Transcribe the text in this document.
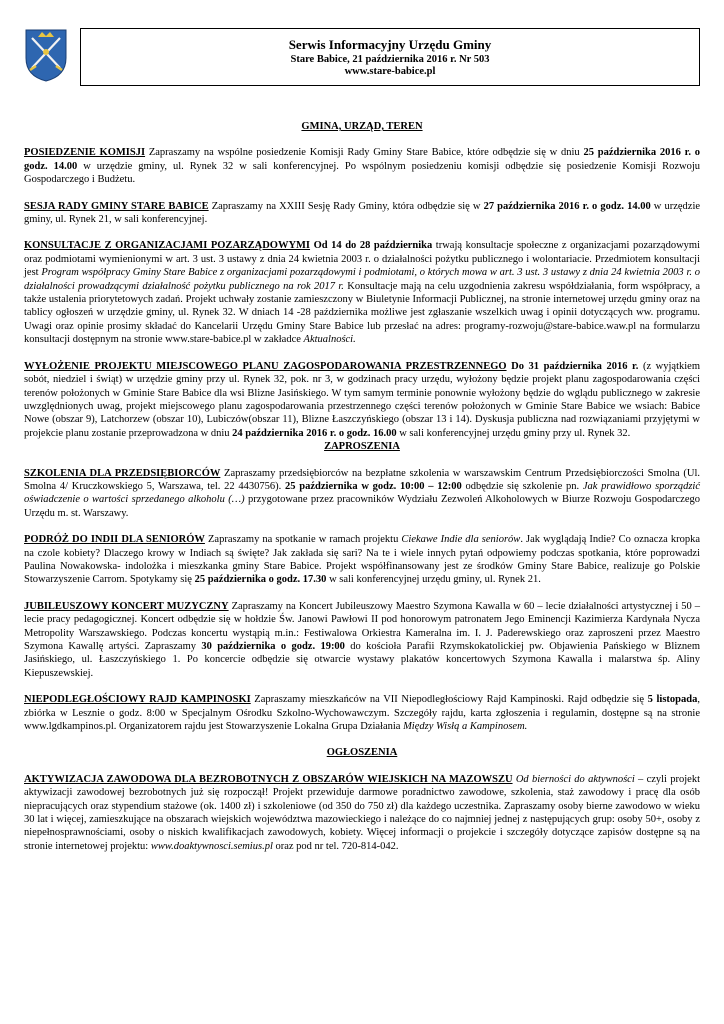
Serwis Informacyjny Urzędu Gminy
Stare Babice, 21 października 2016 r. Nr 503
www.stare-babice.pl
GMINA, URZĄD, TEREN

POSIEDZENIE KOMISJI Zapraszamy na wspólne posiedzenie Komisji Rady Gminy Stare Babice, które odbędzie się w dniu 25 października 2016 r. o godz. 14.00 w urzędzie gminy, ul. Rynek 32 w sali konferencyjnej. Po wspólnym posiedzeniu komisji odbędzie się posiedzenie Komisji Rozwoju Gospodarczego i Budżetu.

SESJA RADY GMINY STARE BABICE Zapraszamy na XXIII Sesję Rady Gminy, która odbędzie się w 27 października 2016 r. o godz. 14.00 w urzędzie gminy, ul. Rynek 21, w sali konferencyjnej.

KONSULTACJE Z ORGANIZACJAMI POZARZĄDOWYMI Od 14 do 28 października trwają konsultacje społeczne z organizacjami pozarządowymi oraz podmiotami wymienionymi w art. 3 ust. 3 ustawy z dnia 24 kwietnia 2003 r. o działalności pożytku publicznego i wolontariacie. Przedmiotem konsultacji jest Program współpracy Gminy Stare Babice z organizacjami pozarządowymi i podmiotami, o których mowa w art. 3 ust. 3 ustawy z dnia 24 kwietnia 2003 r. o działalności prowadzącymi działalność pożytku publicznego na rok 2017 r. Konsultacje mają na celu uzgodnienia zakresu współdziałania, form współpracy, a także ustalenia priorytetowych zadań. Projekt uchwały zostanie zamieszczony w Biuletynie Informacji Publicznej, na stronie internetowej urzędu gminy oraz na tablicy ogłoszeń w urzędzie gminy, ul. Rynek 32. W dniach 14 -28 października możliwe jest zgłaszanie wszelkich uwag i opinii dotyczących ww. programu. Uwagi oraz opinie prosimy składać do Kancelarii Urzędu Gminy Stare Babice lub przesłać na adres: programy-rozwoju@stare-babice.waw.pl na formularzu konsultacji dostępnym na stronie www.stare-babice.pl w zakładce Aktualności.

WYŁOŻENIE PROJEKTU MIEJSCOWEGO PLANU ZAGOSPODAROWANIA PRZESTRZENNEGO Do 31 października 2016 r. (z wyjątkiem sobót, niedziel i świąt) w urzędzie gminy przy ul. Rynek 32, pok. nr 3, w godzinach pracy urzędu, wyłożony będzie projekt planu zagospodarowania części terenów położonych w Gminie Stare Babice dla wsi Blizne Jasińskiego. W tym samym terminie ponownie wyłożony będzie do wglądu publicznego w zakresie uwzględnionych uwag, projekt miejscowego planu zagospodarowania przestrzennego części terenów położonych w Gminie Stare Babice we wsiach: Babice Nowe (obszar 9), Latchorzew (obszar 10), Lubiczów(obszar 11), Blizne Łaszczyńskiego (obszar 13 i 14). Dyskusja publiczna nad rozwiązaniami przyjętymi w projekcie planu zostanie przeprowadzona w dniu 24 października 2016 r. o godz. 16.00 w sali konferencyjnej urzędu gminy przy ul. Rynek 32.

ZAPROSZENIA

SZKOLENIA DLA PRZEDSIĘBIORCÓW Zapraszamy przedsiębiorców na bezpłatne szkolenia w warszawskim Centrum Przedsiębiorczości Smolna (Ul. Smolna 4/ Kruczkowskiego 5, Warszawa, tel. 22 4430756). 25 października w godz. 10:00 – 12:00 odbędzie się szkolenie pn. Jak prawidłowo sporządzić oświadczenie o wartości sprzedanego alkoholu (…) przygotowane przez pracowników Wydziału Zezwoleń Alkoholowych w Biurze Rozwoju Gospodarczego Urzędu m. st. Warszawy.

PODRÓŻ DO INDII DLA SENIORÓW Zapraszamy na spotkanie w ramach projektu Ciekawe Indie dla seniorów. Jak wyglądają Indie? Co oznacza kropka na czole kobiety? Dlaczego krowy w Indiach są święte? Jak zakłada się sari? Na te i wiele innych pytań odpowiemy podczas spotkania, które poprowadzi Paulina Nowakowska- indolożka i mieszkanka gminy Stare Babice. Projekt współfinansowany jest ze środków Gminy Stare Babice, realizuje go Polskie Stowarzyszenie Carrom. Spotykamy się 25 października o godz. 17.30 w sali konferencyjnej urzędu gminy, ul. Rynek 21.

JUBILEUSZOWY KONCERT MUZYCZNY Zapraszamy na Koncert Jubileuszowy Maestro Szymona Kawalla w 60 – lecie działalności artystycznej i 50 – lecie pracy pedagogicznej. Koncert odbędzie się w hołdzie Św. Janowi Pawłowi II pod honorowym patronatem Jego Eminencji Kazimierza Kardynała Nycza Metropolity Warszawskiego. Podczas koncertu wystąpią m.in.: Festiwalowa Orkiestra Kameralna im. I. J. Paderewskiego oraz zaproszeni przez Maestro Szymona Kawallę artyści. Zapraszamy 30 października o godz. 19:00 do kościoła Parafii Rzymskokatolickiej pw. Objawienia Pańskiego w Bliznem Jasińskiego, ul. Łaszczyńskiego 1. Po koncercie odbędzie się otwarcie wystawy plakatów koncertowych Szymona Kawalla i malarstwa śp. Aliny Kiepuszewskiej.

NIEPODLEGŁOŚCIOWY RAJD KAMPINOSKI Zapraszamy mieszkańców na VII Niepodległościowy Rajd Kampinoski. Rajd odbędzie się 5 listopada, zbiórka w Lesznie o godz. 8:00 w Specjalnym Ośrodku Szkolno-Wychowawczym. Szczegóły rajdu, karta zgłoszenia i regulamin, dostępne są na stronie www.lgdkampinos.pl. Organizatorem rajdu jest Stowarzyszenie Lokalna Grupa Działania Między Wisłą a Kampinosem.

OGŁOSZENIA

AKTYWIZACJA ZAWODOWA DLA BEZROBOTNYCH Z OBSZARÓW WIEJSKICH NA MAZOWSZU Od bierności do aktywności – czyli projekt aktywizacji zawodowej bezrobotnych już się rozpoczął! Projekt przewiduje darmowe poradnictwo zawodowe, szkolenia, staż zawodowy i pracę dla osób niepracujących oraz stypendium stażowe (ok. 1400 zł) i szkoleniowe (od 350 do 750 zł) dla każdego uczestnika. Zapraszamy osoby bierne zawodowo w wieku 30 lat i więcej, zamieszkujące na obszarach wiejskich województwa mazowieckiego i należące do co najmniej jednej z następujących grup: osoby 50+, osoby z niepełnosprawnościami, osoby o niskich kwalifikacjach zawodowych, kobiety. Więcej informacji o projekcie i szczegóły dotyczące zapisów dostępne są na stronie internetowej projektu: www.doaktywnosci.semius.pl oraz pod nr tel. 720-814-042.
